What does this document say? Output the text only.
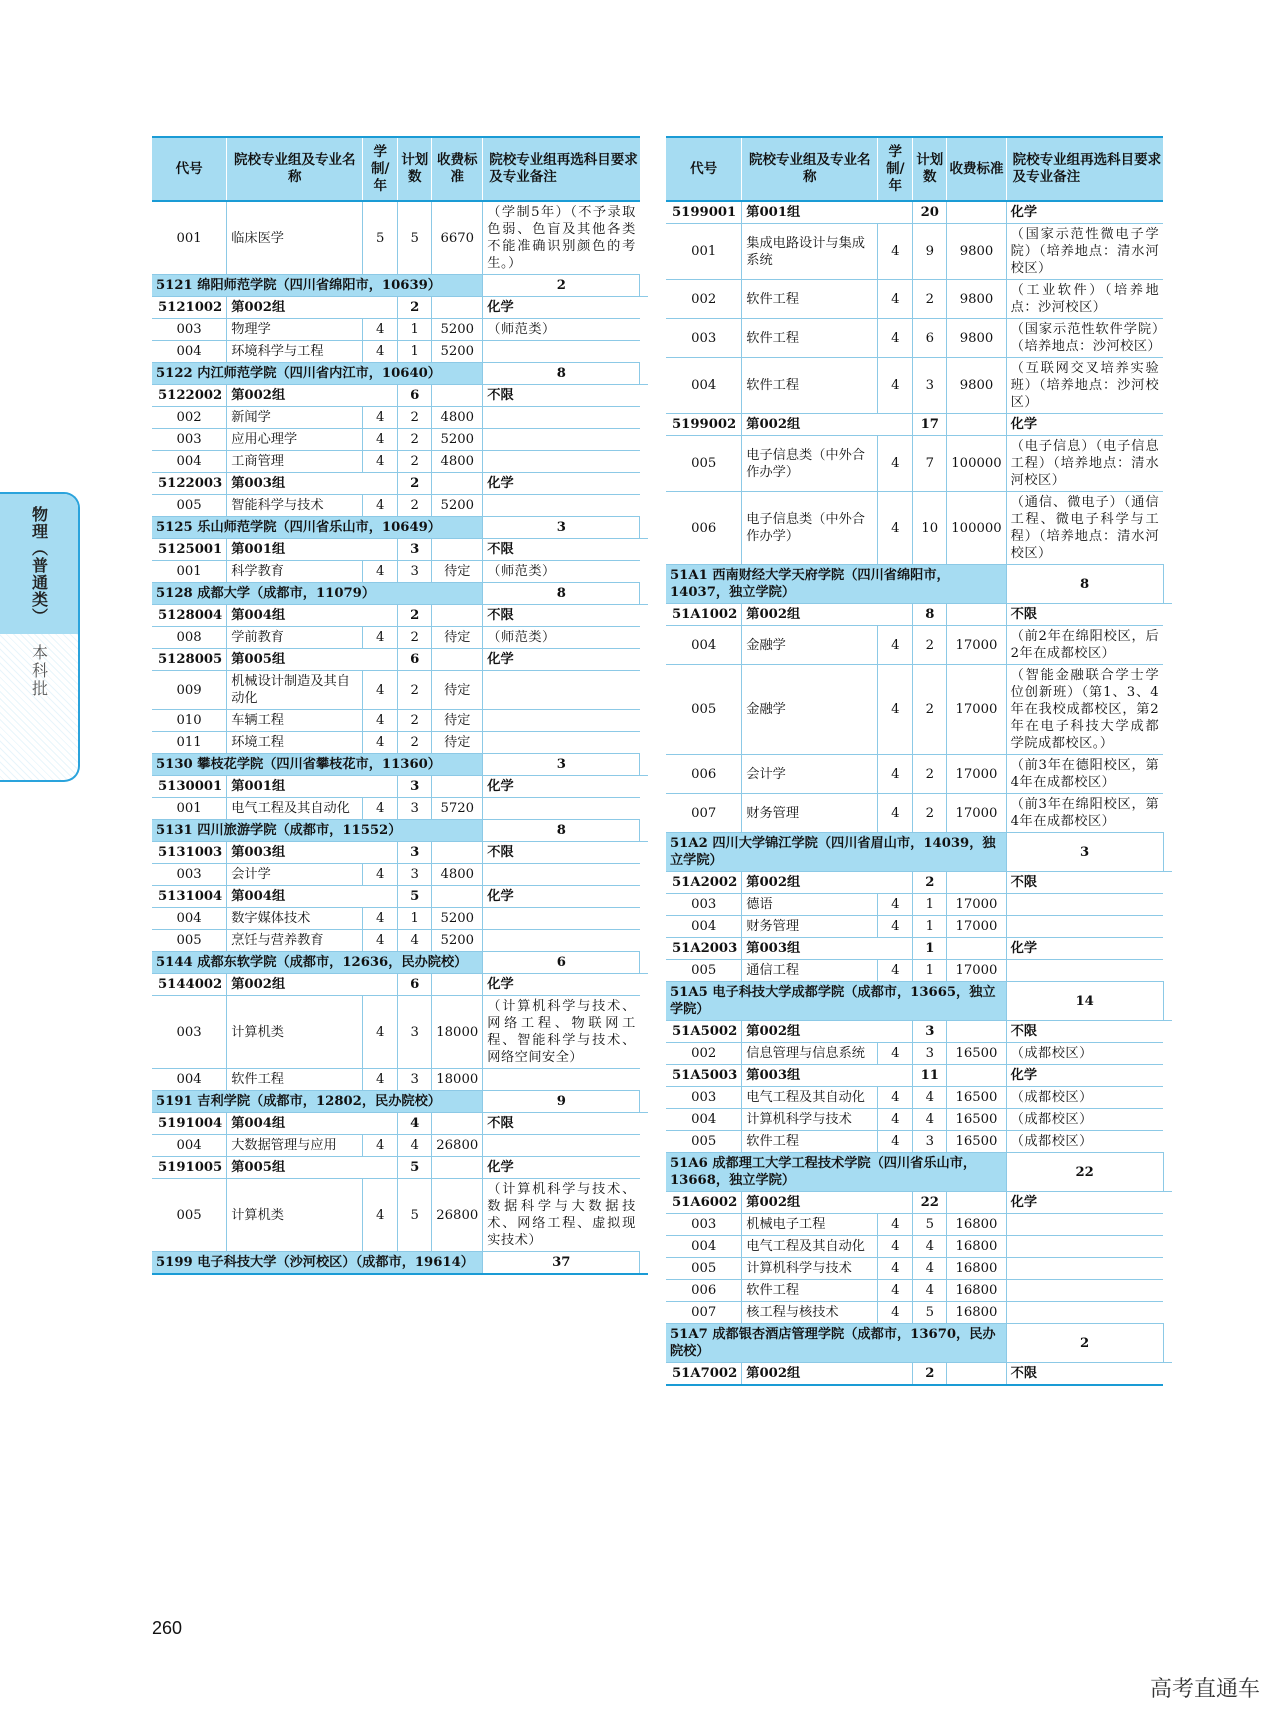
物理（普通类）
本科批
代号	院校专业组及专业名称	学制/年	计划数	收费标准	院校专业组再选科目要求及专业备注	
001	临床医学	5	5	6670	（学制5年）（不予录取色弱、色盲及其他各类不能准确识别颜色的考生。）	
5121 绵阳师范学院（四川省绵阳市，10639）					2	
5121002	第002组		2		化学	
003	物理学	4	1	5200	（师范类）	
004	环境科学与工程	4	1	5200		
5122 内江师范学院（四川省内江市，10640）					8	
5122002	第002组		6		不限	
002	新闻学	4	2	4800		
003	应用心理学	4	2	5200		
004	工商管理	4	2	4800		
5122003	第003组		2		化学	
005	智能科学与技术	4	2	5200		
5125 乐山师范学院（四川省乐山市，10649）					3	
5125001	第001组		3		不限	
001	科学教育	4	3	待定	（师范类）	
5128 成都大学（成都市，11079）					8	
5128004	第004组		2		不限	
008	学前教育	4	2	待定	（师范类）	
5128005	第005组		6		化学	
009	机械设计制造及其自动化	4	2	待定		
010	车辆工程	4	2	待定		
011	环境工程	4	2	待定		
5130 攀枝花学院（四川省攀枝花市，11360）					3	
5130001	第001组		3		化学	
001	电气工程及其自动化	4	3	5720		
5131 四川旅游学院（成都市，11552）					8	
5131003	第003组		3		不限	
003	会计学	4	3	4800		
5131004	第004组		5		化学	
004	数字媒体技术	4	1	5200		
005	烹饪与营养教育	4	4	5200		
5144 成都东软学院（成都市，12636，民办院校）					6	
5144002	第002组		6		化学	
003	计算机类	4	3	18000	（计算机科学与技术、网络工程、物联网工程、智能科学与技术、网络空间安全）	
004	软件工程	4	3	18000		
5191 吉利学院（成都市，12802，民办院校）					9	
5191004	第004组		4		不限	
004	大数据管理与应用	4	4	26800		
5191005	第005组		5		化学	
005	计算机类	4	5	26800	（计算机科学与技术、数据科学与大数据技术、网络工程、虚拟现实技术）	
5199 电子科技大学（沙河校区）（成都市，19614）					37	
代号	院校专业组及专业名称	学制/年	计划数	收费标准	院校专业组再选科目要求及专业备注	
5199001	第001组		20		化学	
001	集成电路设计与集成系统	4	9	9800	（国家示范性微电子学院）（培养地点：清水河校区）	
002	软件工程	4	2	9800	（工业软件）（培养地点：沙河校区）	
003	软件工程	4	6	9800	（国家示范性软件学院）（培养地点：沙河校区）	
004	软件工程	4	3	9800	（互联网交叉培养实验班）（培养地点：沙河校区）	
5199002	第002组		17		化学	
005	电子信息类（中外合作办学）	4	7	100000	（电子信息）（电子信息工程）（培养地点：清水河校区）	
006	电子信息类（中外合作办学）	4	10	100000	（通信、微电子）（通信工程、微电子科学与工程）（培养地点：清水河校区）	
51A1 西南财经大学天府学院（四川省绵阳市，14037，独立学院）					8	
51A1002	第002组		8		不限	
004	金融学	4	2	17000	（前2年在绵阳校区，后2年在成都校区）	
005	金融学	4	2	17000	（智能金融联合学士学位创新班）（第1、3、4年在我校成都校区，第2年在电子科技大学成都学院成都校区。）	
006	会计学	4	2	17000	（前3年在德阳校区，第4年在成都校区）	
007	财务管理	4	2	17000	（前3年在绵阳校区，第4年在成都校区）	
51A2 四川大学锦江学院（四川省眉山市，14039，独立学院）					3	
51A2002	第002组		2		不限	
003	德语	4	1	17000		
004	财务管理	4	1	17000		
51A2003	第003组		1		化学	
005	通信工程	4	1	17000		
51A5 电子科技大学成都学院（成都市，13665，独立学院）					14	
51A5002	第002组		3		不限	
002	信息管理与信息系统	4	3	16500	（成都校区）	
51A5003	第003组		11		化学	
003	电气工程及其自动化	4	4	16500	（成都校区）	
004	计算机科学与技术	4	4	16500	（成都校区）	
005	软件工程	4	3	16500	（成都校区）	
51A6 成都理工大学工程技术学院（四川省乐山市，13668，独立学院）					22	
51A6002	第002组		22		化学	
003	机械电子工程	4	5	16800		
004	电气工程及其自动化	4	4	16800		
005	计算机科学与技术	4	4	16800		
006	软件工程	4	4	16800		
007	核工程与核技术	4	5	16800		
51A7 成都银杏酒店管理学院（成都市，13670，民办院校）					2	
51A7002	第002组		2		不限	
260
高考直通车
